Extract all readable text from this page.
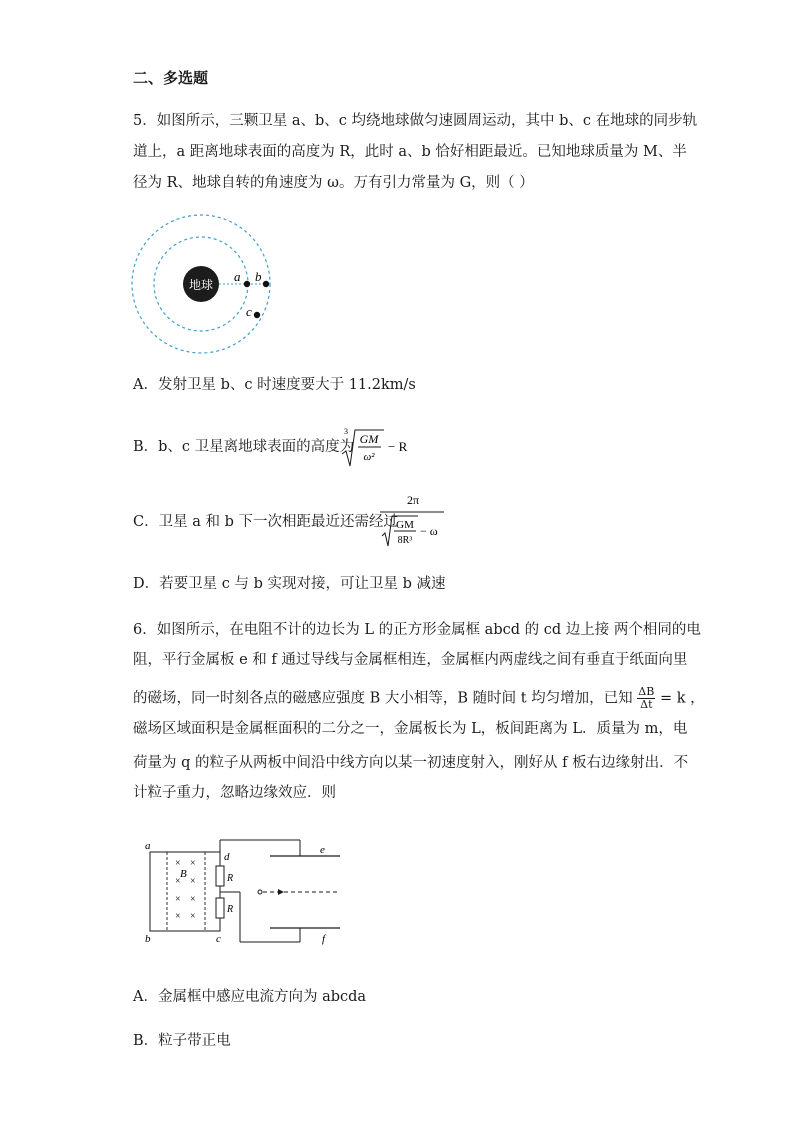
二、多选题
5．如图所示，三颗卫星 a、b、c 均绕地球做匀速圆周运动，其中 b、c 在地球的同步轨
道上，a 距离地球表面的高度为 R，此时 a、b 恰好相距最近。已知地球质量为 M、半
径为 R、地球自转的角速度为 ω。万有引力常量为 G，则（ ）
地球
a b
c
A．发射卫星 b、c 时速度要大于 11.2km/s
B．b、c 卫星离地球表面的高度为
3
GM
ω²
− R
C．卫星 a 和 b 下一次相距最近还需经过
2π
GM
8R³
− ω
D．若要卫星 c 与 b 实现对接，可让卫星 b 减速
6．如图所示，在电阻不计的边长为 L 的正方形金属框 abcd 的 cd 边上接 两个相同的电
阻，平行金属板 e 和 f 通过导线与金属框相连，金属框内两虚线之间有垂直于纸面向里
的磁场，同一时刻各点的磁感应强度 B 大小相等，B 随时间 t 均匀增加，已知 $\frac{\Delta B}{\Delta t} = k$ ，
磁场区域面积是金属框面积的二分之一，金属板长为 L，板间距离为 L．质量为 m，电
荷量为 q 的粒子从两板中间沿中线方向以某一初速度射入，刚好从 f 板右边缘射出．不
计粒子重力，忽略边缘效应．则
× ×
× ×
× ×
× ×
B
a
b	c
d
R
R
e
f
A．金属框中感应电流方向为 abcda
B．粒子带正电
